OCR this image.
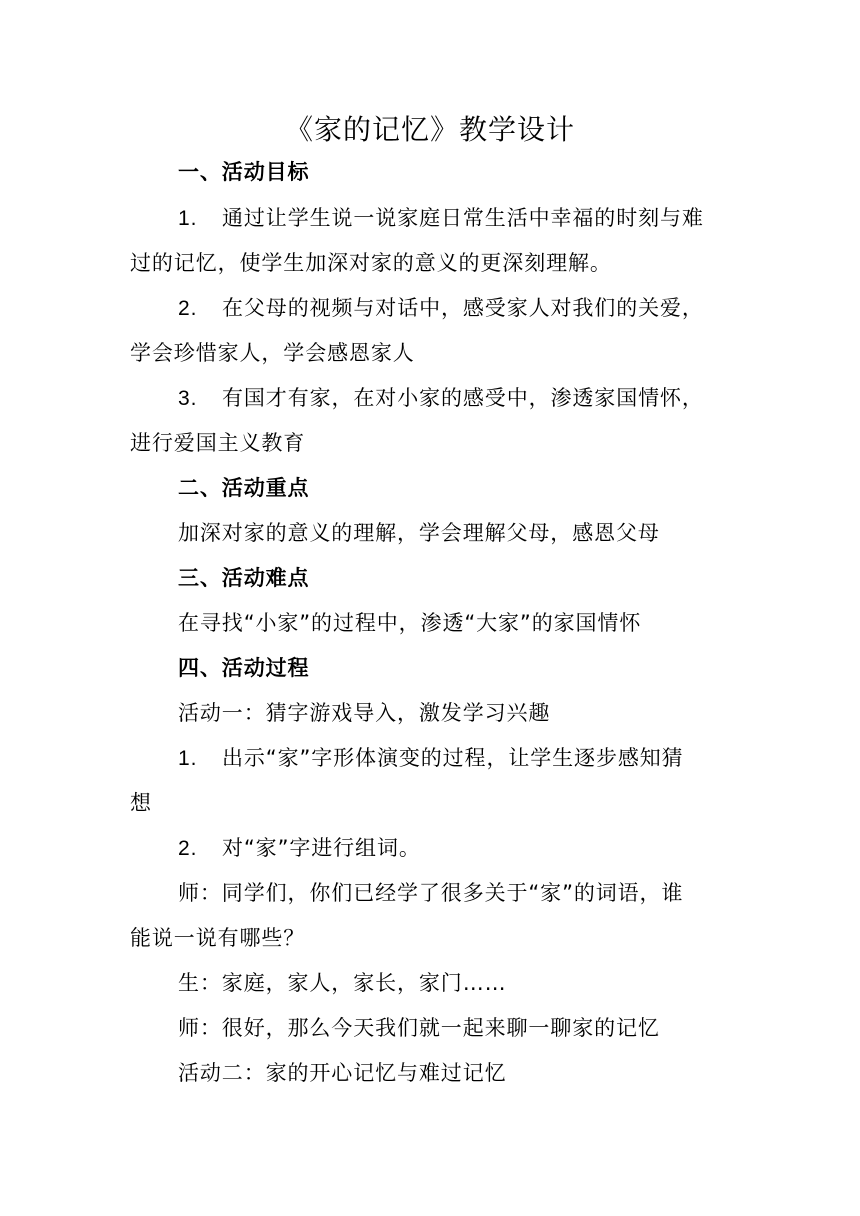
《家的记忆》教学设计
一、活动目标
1. 通过让学生说一说家庭日常生活中幸福的时刻与难
过的记忆，使学生加深对家的意义的更深刻理解。
2. 在父母的视频与对话中，感受家人对我们的关爱，
学会珍惜家人，学会感恩家人
3. 有国才有家，在对小家的感受中，渗透家国情怀，
进行爱国主义教育
二、活动重点
加深对家的意义的理解，学会理解父母，感恩父母
三、活动难点
在寻找“小家”的过程中，渗透“大家”的家国情怀
四、活动过程
活动一：猜字游戏导入，激发学习兴趣
1. 出示“家”字形体演变的过程，让学生逐步感知猜
想
2. 对“家”字进行组词。
师：同学们，你们已经学了很多关于“家”的词语，谁
能说一说有哪些？
生：家庭，家人，家长，家门……
师：很好，那么今天我们就一起来聊一聊家的记忆
活动二：家的开心记忆与难过记忆
